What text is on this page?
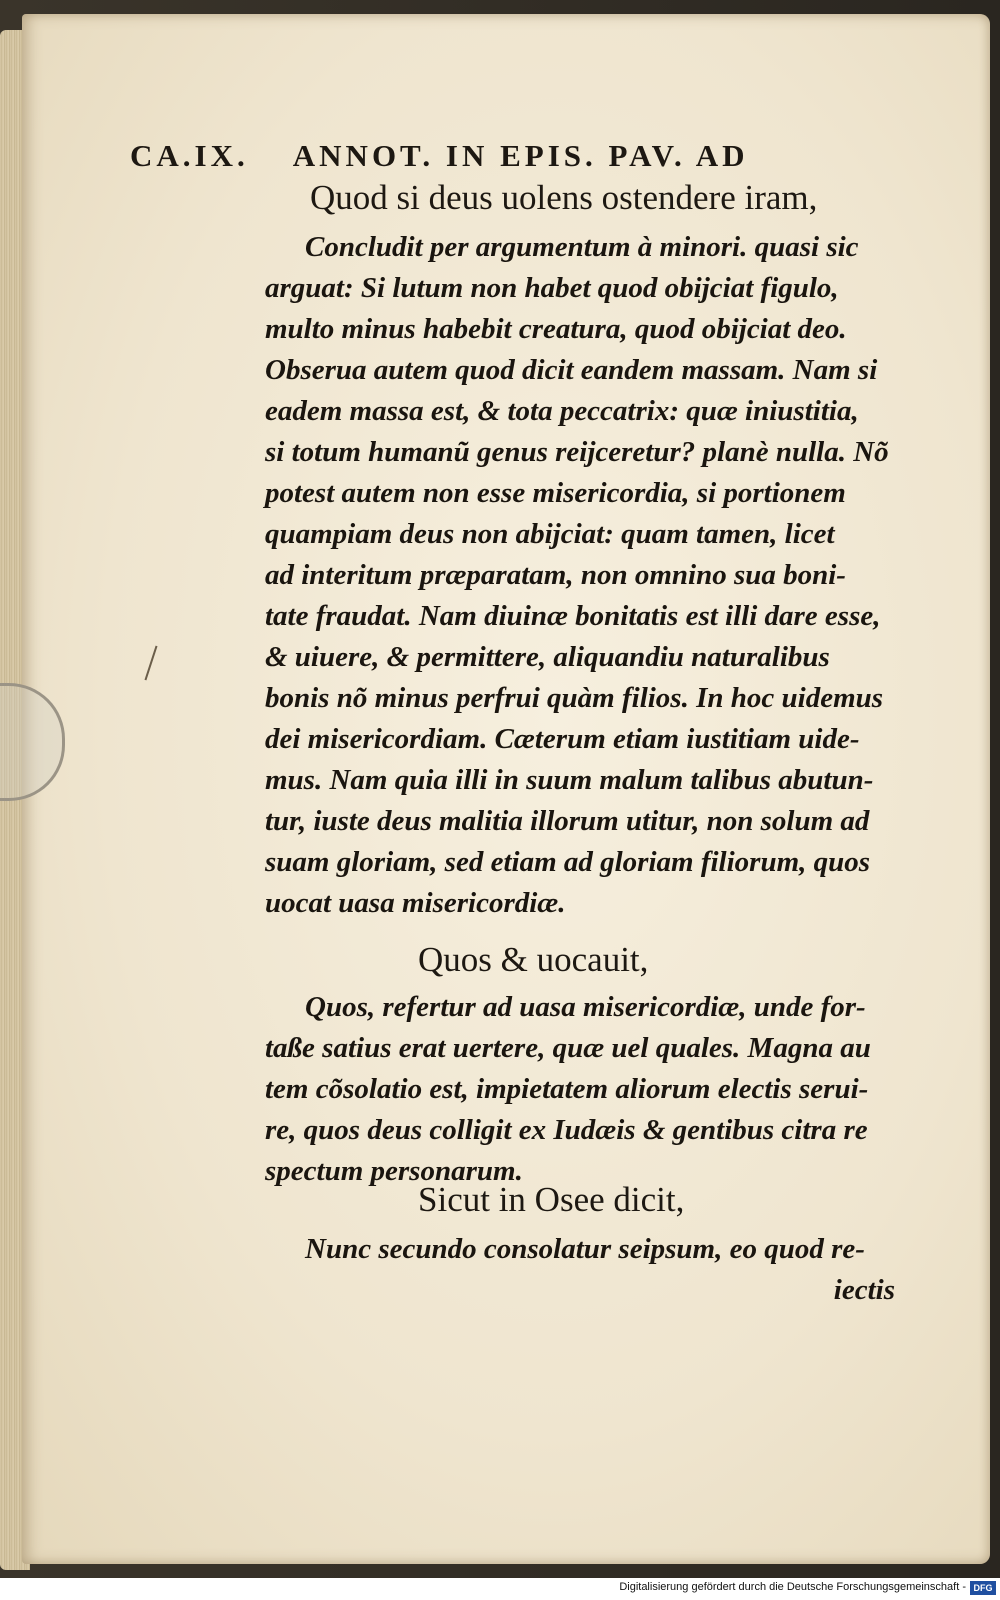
CA.IX. ANNOT. IN EPIS. PAV. AD
Quod si deus uolens ostendere iram,
Concludit per argumentum à minori. quasi sic
arguat: Si lutum non habet quod obijciat figulo,
multo minus habebit creatura, quod obijciat deo.
Obserua autem quod dicit eandem massam. Nam si
eadem massa est, & tota peccatrix: quæ iniustitia,
si totum humanũ genus reijceretur? planè nulla. Nõ
potest autem non esse misericordia, si portionem
quampiam deus non abijciat: quam tamen, licet
ad interitum præparatam, non omnino sua boni-
tate fraudat. Nam diuinæ bonitatis est illi dare esse,
& uiuere, & permittere, aliquandiu naturalibus
bonis nõ minus perfrui quàm filios. In hoc uidemus
dei misericordiam. Cæterum etiam iustitiam uide-
mus. Nam quia illi in suum malum talibus abutun-
tur, iuste deus malitia illorum utitur, non solum ad
suam gloriam, sed etiam ad gloriam filiorum, quos
uocat uasa misericordiæ.
Quos & uocauit,
Quos, refertur ad uasa misericordiæ, unde for-
taße satius erat uertere, quæ uel quales. Magna au
tem cõsolatio est, impietatem aliorum electis serui-
re, quos deus colligit ex Iudæis & gentibus citra re
spectum personarum.
Sicut in Osee dicit,
Nunc secundo consolatur seipsum, eo quod re-
iectis
Digitalisierung gefördert durch die Deutsche Forschungsgemeinschaft - DFG
